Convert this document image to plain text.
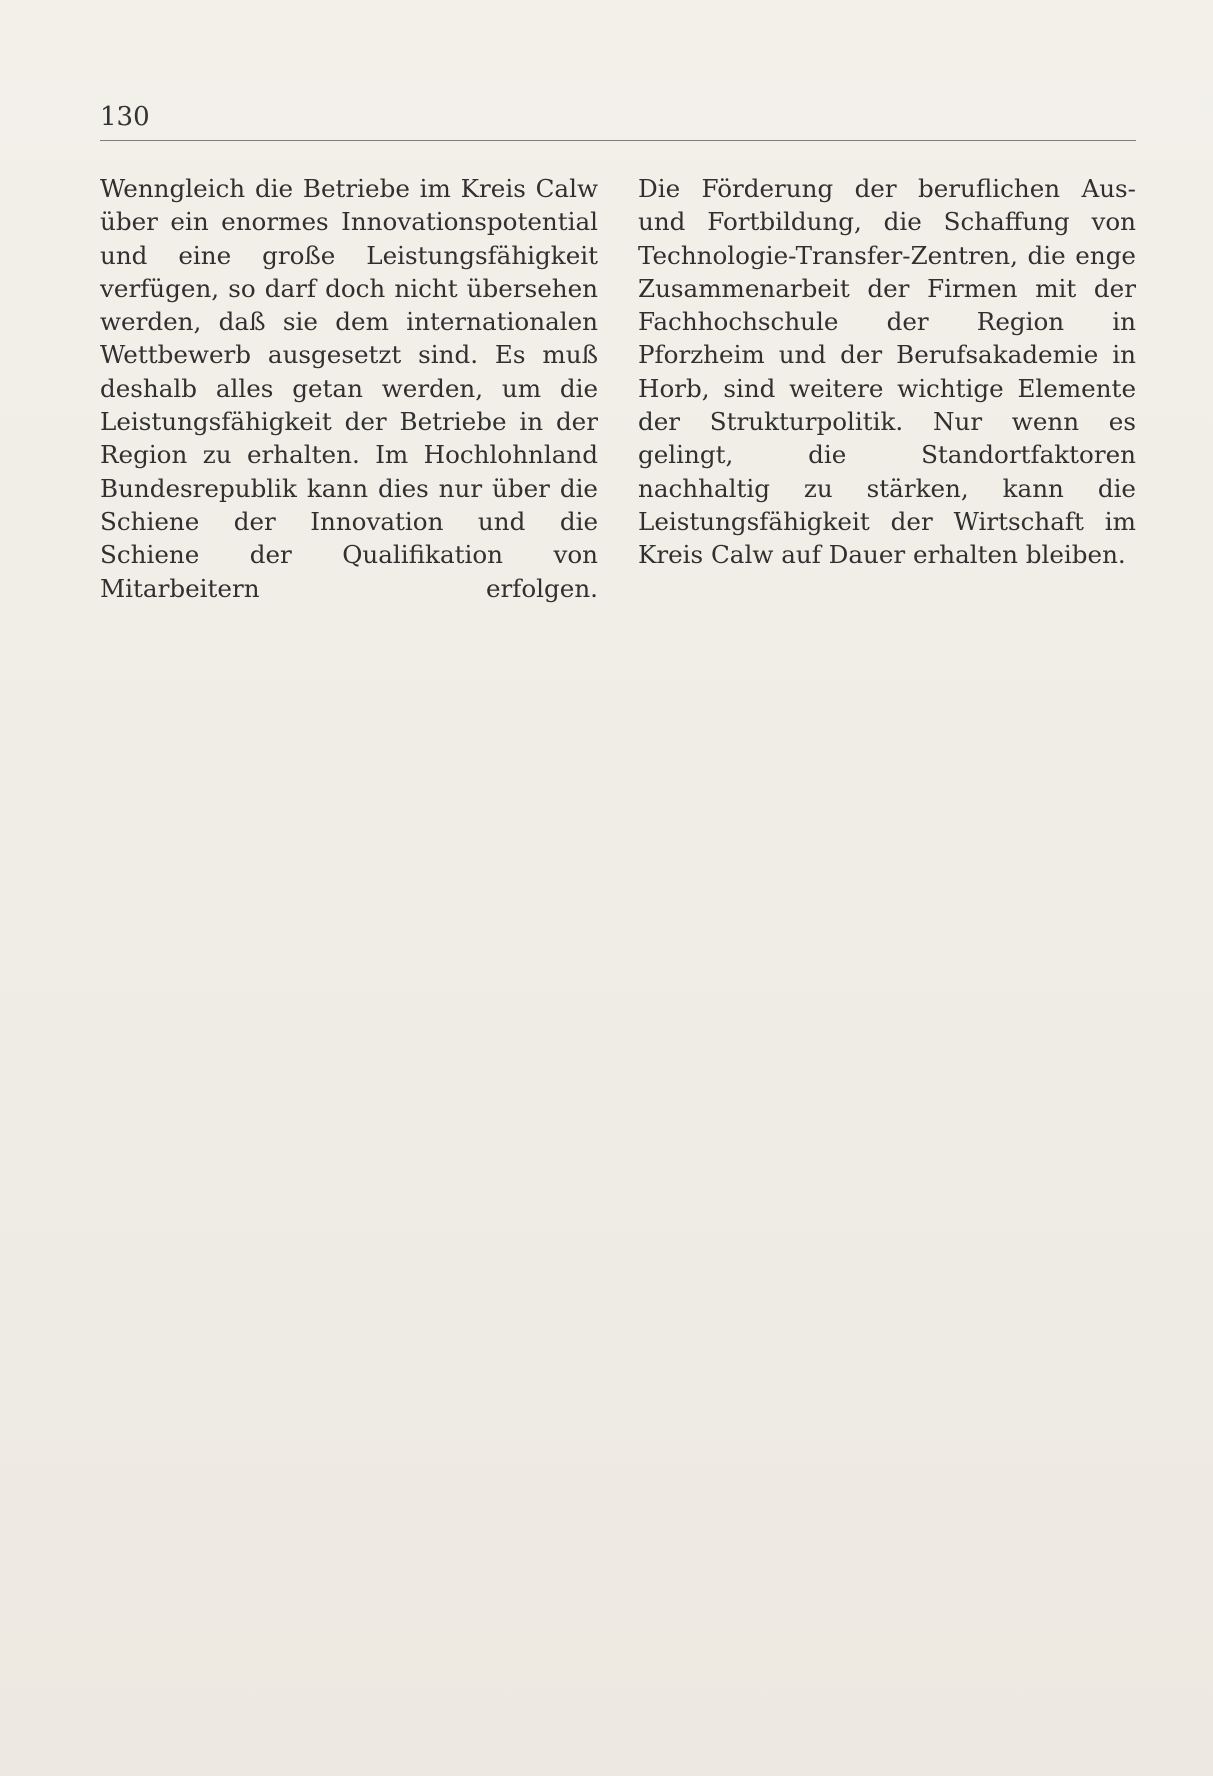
130

Wenngleich die Betriebe im Kreis Calw über ein enormes Innovationspotential und eine große Leistungsfähigkeit verfügen, so darf doch nicht übersehen werden, daß sie dem internationalen Wettbewerb ausgesetzt sind. Es muß deshalb alles getan werden, um die Leistungsfähigkeit der Betriebe in der Region zu erhalten. Im Hochlohnland Bundesrepublik kann dies nur über die Schiene der Innovation und die Schiene der Qualifikation von Mitarbeitern erfolgen.

Die Förderung der beruflichen Aus- und Fortbildung, die Schaffung von Technologie-Transfer-Zentren, die enge Zusammenarbeit der Firmen mit der Fachhochschule der Region in Pforzheim und der Berufsakademie in Horb, sind weitere wichtige Elemente der Strukturpolitik. Nur wenn es gelingt, die Standortfaktoren nachhaltig zu stärken, kann die Leistungsfähigkeit der Wirtschaft im Kreis Calw auf Dauer erhalten bleiben.
